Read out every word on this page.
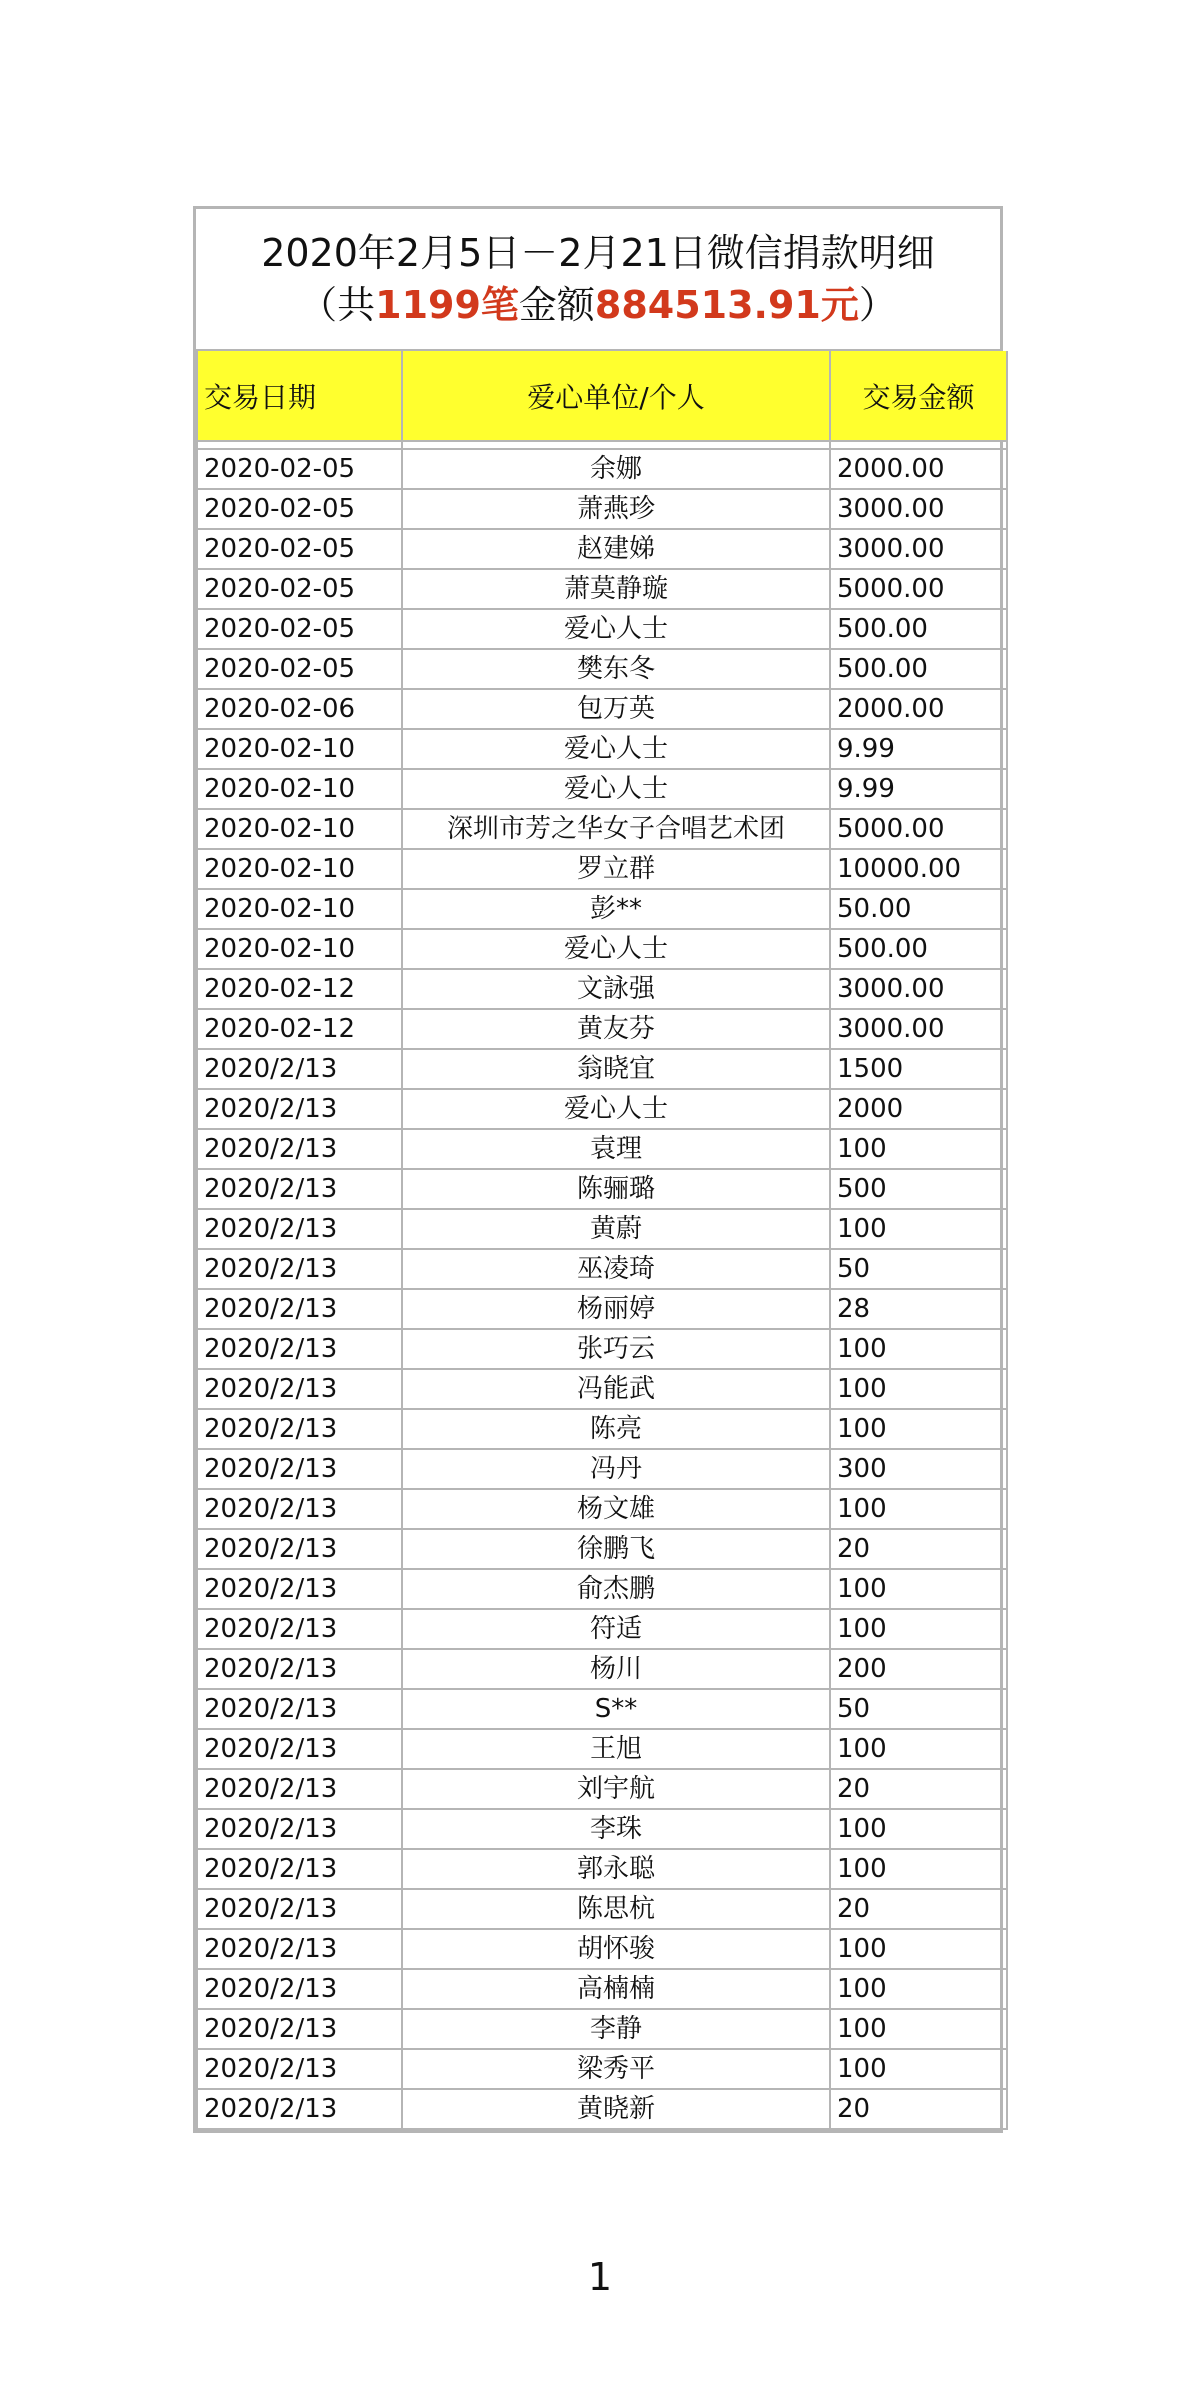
2020年2月5日－2月21日微信捐款明细
（共1199笔金额884513.91元）
交易日期	爱心单位/个人	交易金额

2020-02-05	余娜	2000.00
2020-02-05	萧燕珍	3000.00
2020-02-05	赵建娣	3000.00
2020-02-05	萧莫静璇	5000.00
2020-02-05	爱心人士	500.00
2020-02-05	樊东冬	500.00
2020-02-06	包万英	2000.00
2020-02-10	爱心人士	9.99
2020-02-10	爱心人士	9.99
2020-02-10	深圳市芳之华女子合唱艺术团	5000.00
2020-02-10	罗立群	10000.00
2020-02-10	彭**	50.00
2020-02-10	爱心人士	500.00
2020-02-12	文詠强	3000.00
2020-02-12	黄友芬	3000.00
2020/2/13	翁晓宜	1500
2020/2/13	爱心人士	2000
2020/2/13	袁理	100
2020/2/13	陈骊璐	500
2020/2/13	黄蔚	100
2020/2/13	巫凌琦	50
2020/2/13	杨丽婷	28
2020/2/13	张巧云	100
2020/2/13	冯能武	100
2020/2/13	陈亮	100
2020/2/13	冯丹	300
2020/2/13	杨文雄	100
2020/2/13	徐鹏飞	20
2020/2/13	俞杰鹏	100
2020/2/13	符适	100
2020/2/13	杨川	200
2020/2/13	S**	50
2020/2/13	王旭	100
2020/2/13	刘宇航	20
2020/2/13	李珠	100
2020/2/13	郭永聪	100
2020/2/13	陈思杭	20
2020/2/13	胡怀骏	100
2020/2/13	高楠楠	100
2020/2/13	李静	100
2020/2/13	梁秀平	100
2020/2/13	黄晓新	20
1
